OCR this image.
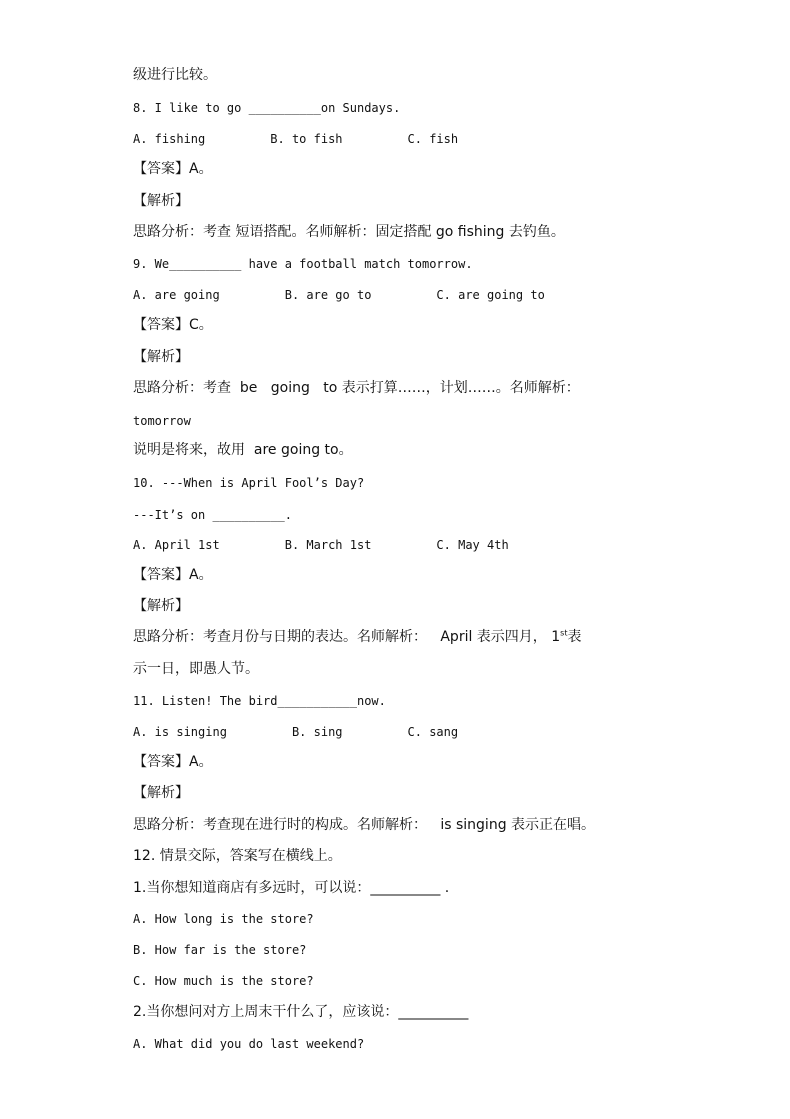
级进行比较。
8. I like to go __________on Sundays.
A. fishing         B. to fish         C. fish
【答案】A。
【解析】
思路分析：考查 短语搭配。名师解析：固定搭配 go fishing 去钓鱼。
9. We__________ have a football match tomorrow.
A. are going         B. are go to         C. are going to
【答案】C。
【解析】
思路分析：考查  be   going   to 表示打算……，计划……。名师解析：
tomorrow
说明是将来，故用  are going to。
10. ---When is April Fool’s Day?
---It’s on __________.
A. April 1st         B. March 1st         C. May 4th
【答案】A。
【解析】
思路分析：考查月份与日期的表达。名师解析：   April 表示四月， 1st表
示一日，即愚人节。
11. Listen! The bird___________now.
A. is singing         B. sing         C. sang
【答案】A。
【解析】
思路分析：考查现在进行时的构成。名师解析：   is singing 表示正在唱。
12. 情景交际，答案写在横线上。
1.当你想知道商店有多远时，可以说：__________ .
A. How long is the store?
B. How far is the store?
C. How much is the store?
2.当你想问对方上周末干什么了，应该说：__________
A. What did you do last weekend?
